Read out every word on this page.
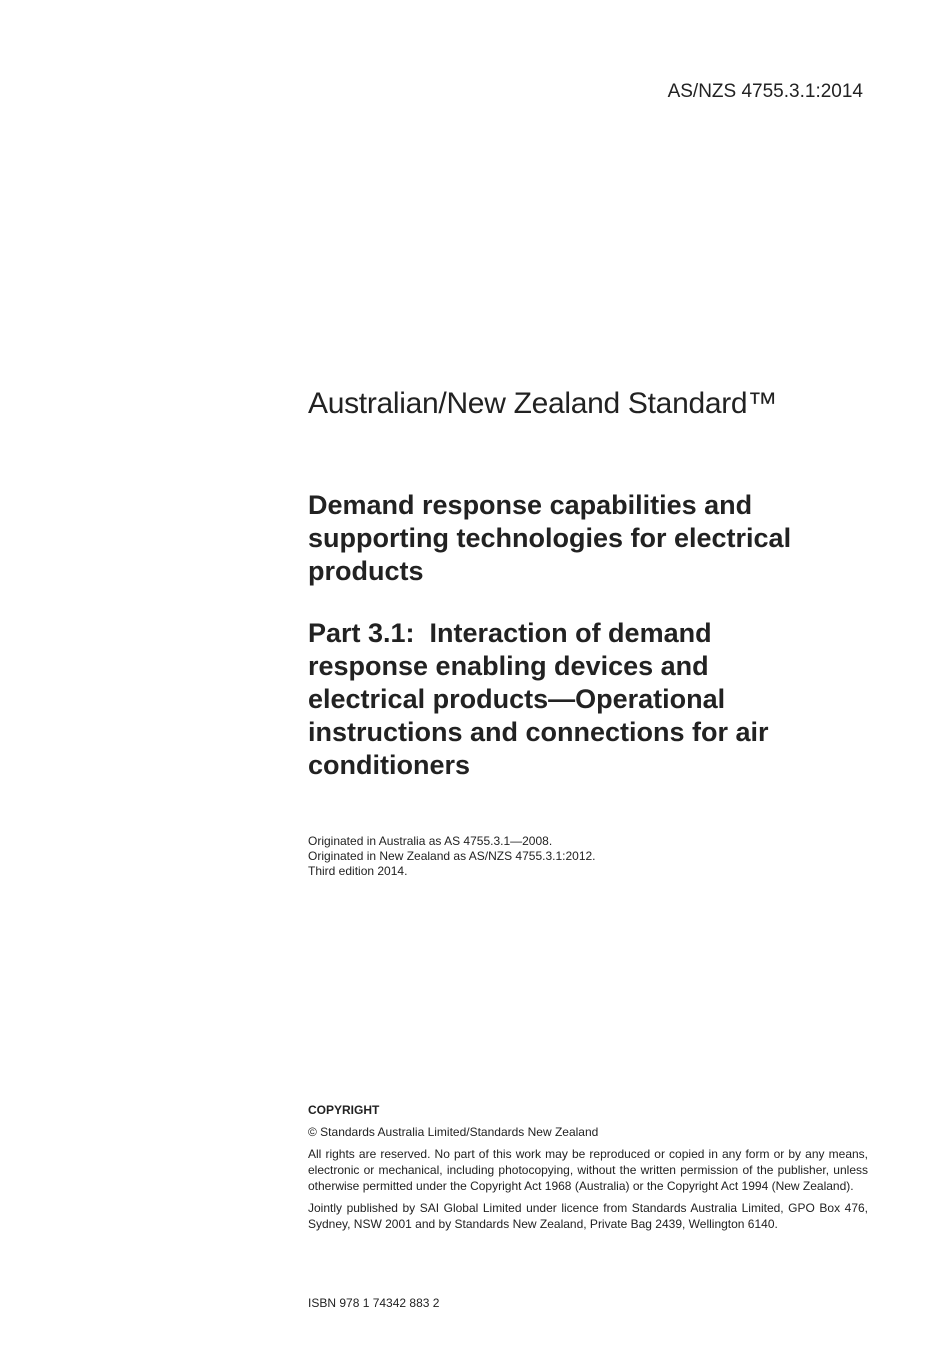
AS/NZS 4755.3.1:2014
Australian/New Zealand Standard™
Demand response capabilities and
supporting technologies for electrical
products
Part 3.1:  Interaction of demand
response enabling devices and
electrical products—Operational
instructions and connections for air
conditioners
Originated in Australia as AS 4755.3.1—2008.
Originated in New Zealand as AS/NZS 4755.3.1:2012.
Third edition 2014.
COPYRIGHT
© Standards Australia Limited/Standards New Zealand

All rights are reserved. No part of this work may be reproduced or copied in any form or by any means, electronic or mechanical, including photocopying, without the written permission of the publisher, unless otherwise permitted under the Copyright Act 1968 (Australia) or the Copyright Act 1994 (New Zealand).

Jointly published by SAI Global Limited under licence from Standards Australia Limited, GPO Box 476, Sydney, NSW 2001 and by Standards New Zealand, Private Bag 2439, Wellington 6140.

ISBN 978 1 74342 883 2
